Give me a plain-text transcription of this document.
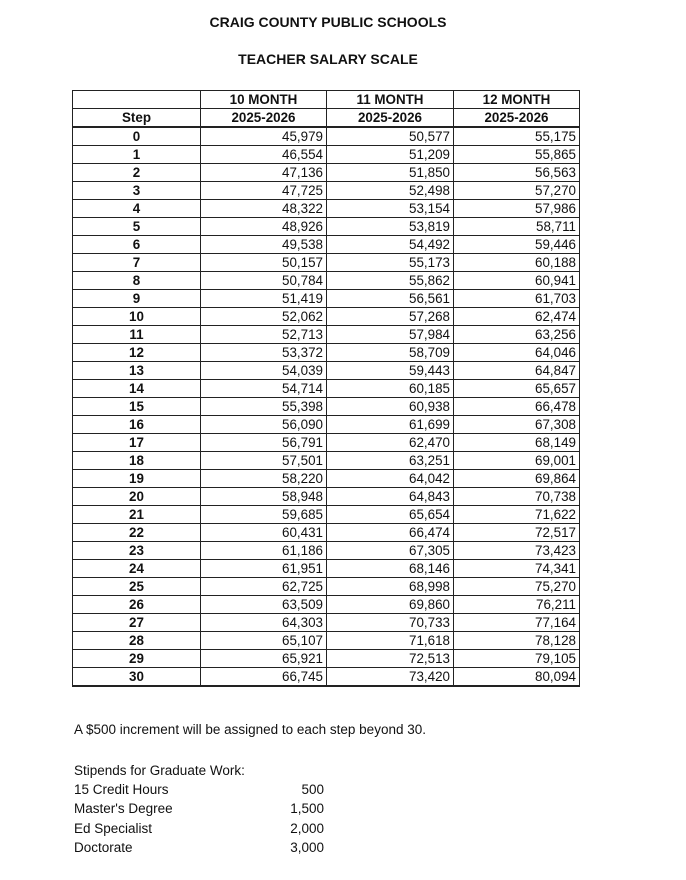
CRAIG COUNTY PUBLIC SCHOOLS
TEACHER SALARY SCALE
	10 MONTH	11 MONTH	12 MONTH
Step	2025-2026	2025-2026	2025-2026
0	45,979	50,577	55,175
1	46,554	51,209	55,865
2	47,136	51,850	56,563
3	47,725	52,498	57,270
4	48,322	53,154	57,986
5	48,926	53,819	58,711
6	49,538	54,492	59,446
7	50,157	55,173	60,188
8	50,784	55,862	60,941
9	51,419	56,561	61,703
10	52,062	57,268	62,474
11	52,713	57,984	63,256
12	53,372	58,709	64,046
13	54,039	59,443	64,847
14	54,714	60,185	65,657
15	55,398	60,938	66,478
16	56,090	61,699	67,308
17	56,791	62,470	68,149
18	57,501	63,251	69,001
19	58,220	64,042	69,864
20	58,948	64,843	70,738
21	59,685	65,654	71,622
22	60,431	66,474	72,517
23	61,186	67,305	73,423
24	61,951	68,146	74,341
25	62,725	68,998	75,270
26	63,509	69,860	76,211
27	64,303	70,733	77,164
28	65,107	71,618	78,128
29	65,921	72,513	79,105
30	66,745	73,420	80,094
A $500 increment will be assigned to each step beyond 30.
Stipends for Graduate Work:
15 Credit Hours	500
Master's Degree	1,500
Ed Specialist	2,000
Doctorate	3,000
